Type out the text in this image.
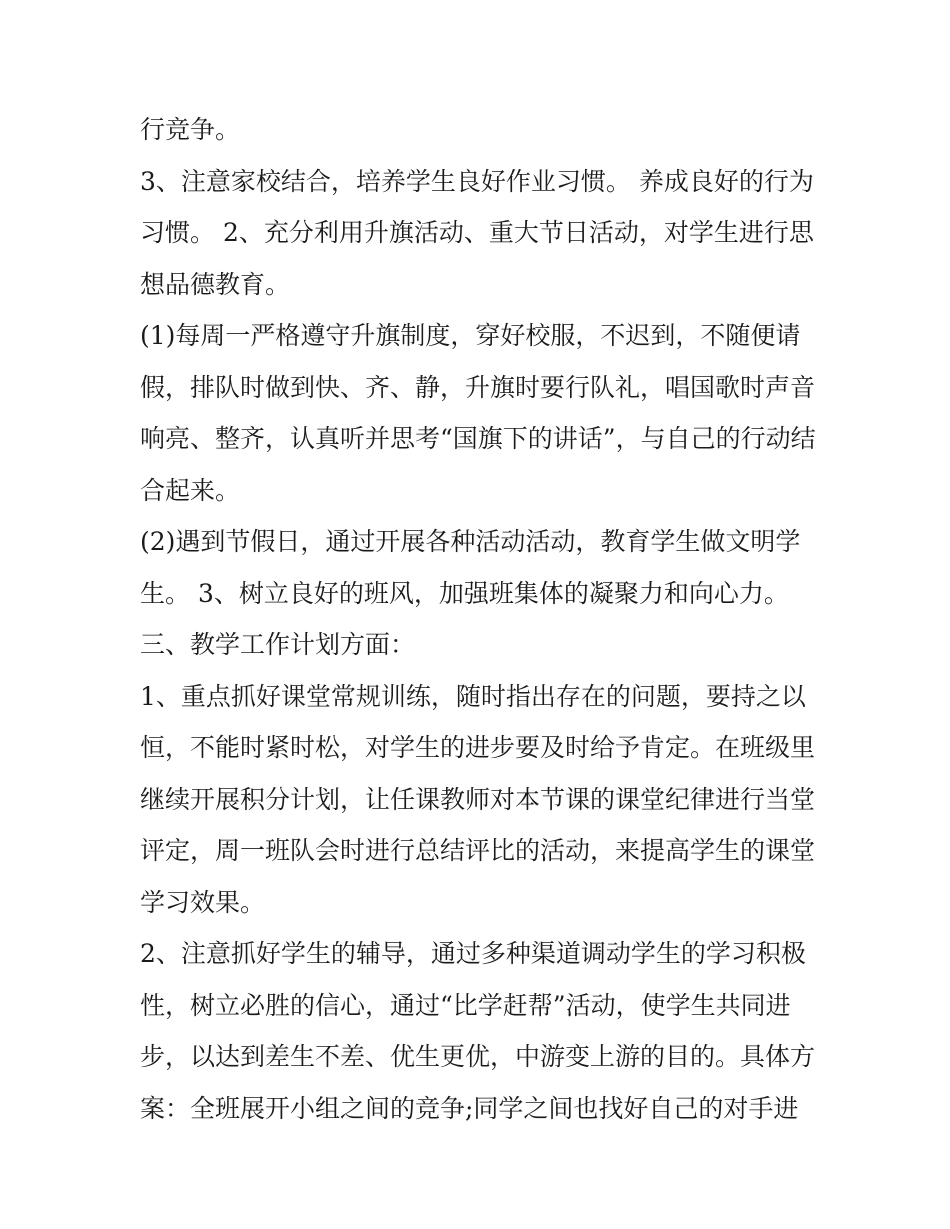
行竞争。
3、注意家校结合，培养学生良好作业习惯。 养成良好的行为
习惯。 2、充分利用升旗活动、重大节日活动，对学生进行思
想品德教育。
(1)每周一严格遵守升旗制度，穿好校服，不迟到，不随便请
假，排队时做到快、齐、静，升旗时要行队礼，唱国歌时声音
响亮、整齐，认真听并思考“国旗下的讲话”，与自己的行动结
合起来。
(2)遇到节假日，通过开展各种活动活动，教育学生做文明学
生。 3、树立良好的班风，加强班集体的凝聚力和向心力。
三、教学工作计划方面：
1、重点抓好课堂常规训练，随时指出存在的问题，要持之以
恒，不能时紧时松，对学生的进步要及时给予肯定。在班级里
继续开展积分计划，让任课教师对本节课的课堂纪律进行当堂
评定，周一班队会时进行总结评比的活动，来提高学生的课堂
学习效果。
2、注意抓好学生的辅导，通过多种渠道调动学生的学习积极
性，树立必胜的信心，通过“比学赶帮”活动，使学生共同进
步，以达到差生不差、优生更优，中游变上游的目的。具体方
案：全班展开小组之间的竞争;同学之间也找好自己的对手进
